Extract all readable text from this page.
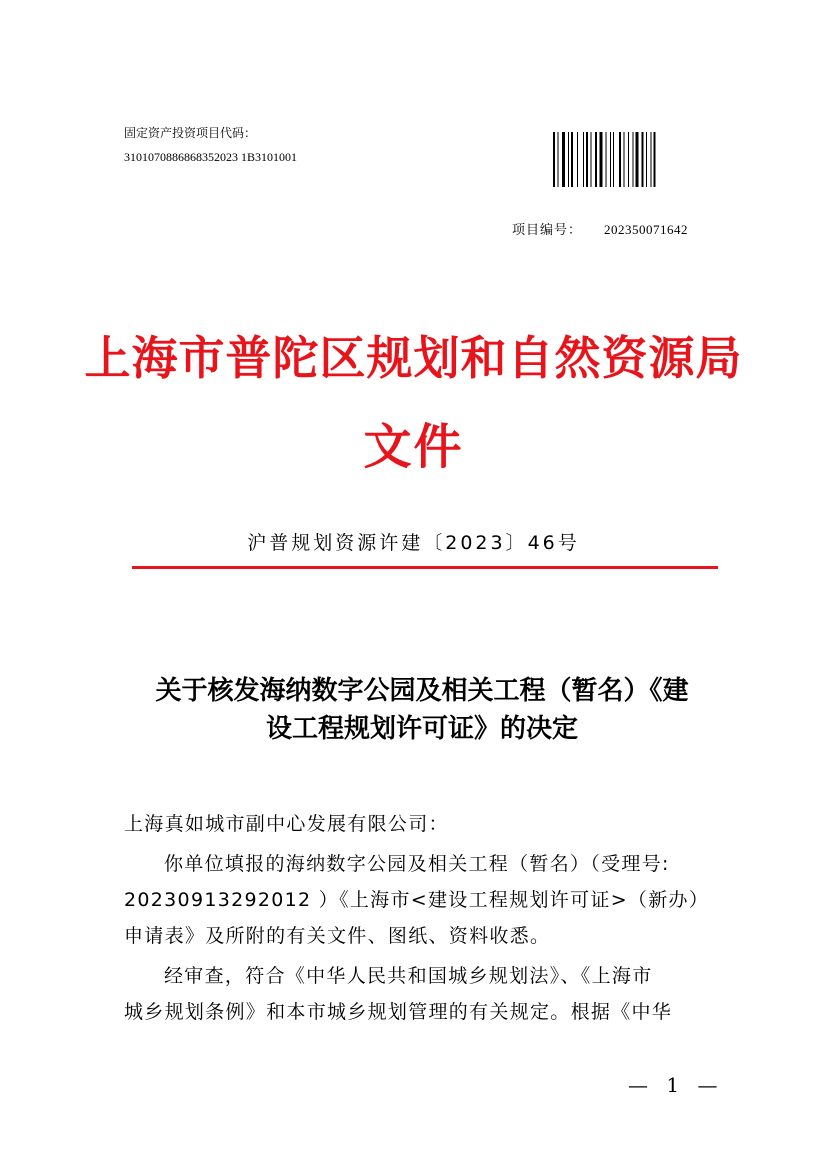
固定资产投资项目代码：
3101070886868352023 1B3101001
项目编号： 202350071642
上海市普陀区规划和自然资源局
文件
沪普规划资源许建〔2023〕46号
关于核发海纳数字公园及相关工程（暂名）《建
设工程规划许可证》的决定

上海真如城市副中心发展有限公司：

你单位填报的海纳数字公园及相关工程（暂名）（受理号:

20230913292012 ）《上海市<建设工程规划许可证>（新办）

申请表》及所附的有关文件、图纸、资料收悉。

经审查，符合《中华人民共和国城乡规划法》、《上海市

城乡规划条例》和本市城乡规划管理的有关规定。根据《中华

— 1 —
